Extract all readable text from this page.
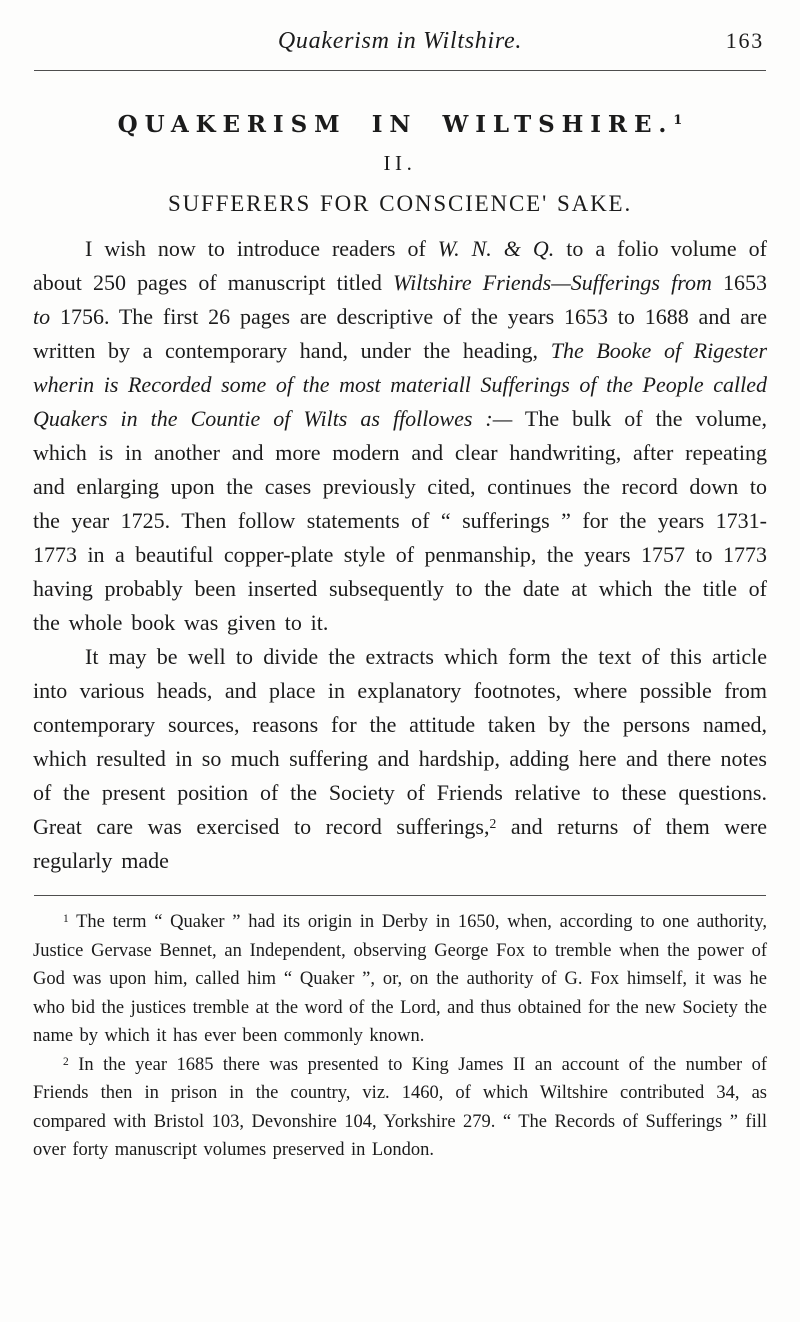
Quakerism in Wiltshire.	163
QUAKERISM IN WILTSHIRE.$^1$
II.
SUFFERERS FOR CONSCIENCE' SAKE.

I wish now to introduce readers of W. N. & Q. to a folio volume of about 250 pages of manuscript titled Wiltshire Friends—Sufferings from 1653 to 1756. The first 26 pages are descriptive of the years 1653 to 1688 and are written by a contemporary hand, under the heading, The Booke of Rigester wherin is Recorded some of the most materiall Sufferings of the People called Quakers in the Countie of Wilts as ffollowes :— The bulk of the volume, which is in another and more modern and clear handwriting, after repeating and enlarging upon the cases previously cited, continues the record down to the year 1725. Then follow statements of “ sufferings ” for the years 1731-1773 in a beautiful copper-plate style of penmanship, the years 1757 to 1773 having probably been inserted subsequently to the date at which the title of the whole book was given to it.

It may be well to divide the extracts which form the text of this article into various heads, and place in explanatory footnotes, where possible from contemporary sources, reasons for the attitude taken by the persons named, which resulted in so much suffering and hardship, adding here and there notes of the present position of the Society of Friends relative to these questions. Great care was exercised to record sufferings,$^2$ and returns of them were regularly made

$^1$ The term “ Quaker ” had its origin in Derby in 1650, when, according to one authority, Justice Gervase Bennet, an Independent, observing George Fox to tremble when the power of God was upon him, called him “ Quaker ”, or, on the authority of G. Fox himself, it was he who bid the justices tremble at the word of the Lord, and thus obtained for the new Society the name by which it has ever been commonly known.

$^2$ In the year 1685 there was presented to King James II an account of the number of Friends then in prison in the country, viz. 1460, of which Wiltshire contributed 34, as compared with Bristol 103, Devonshire 104, Yorkshire 279. “ The Records of Sufferings ” fill over forty manuscript volumes preserved in London.
